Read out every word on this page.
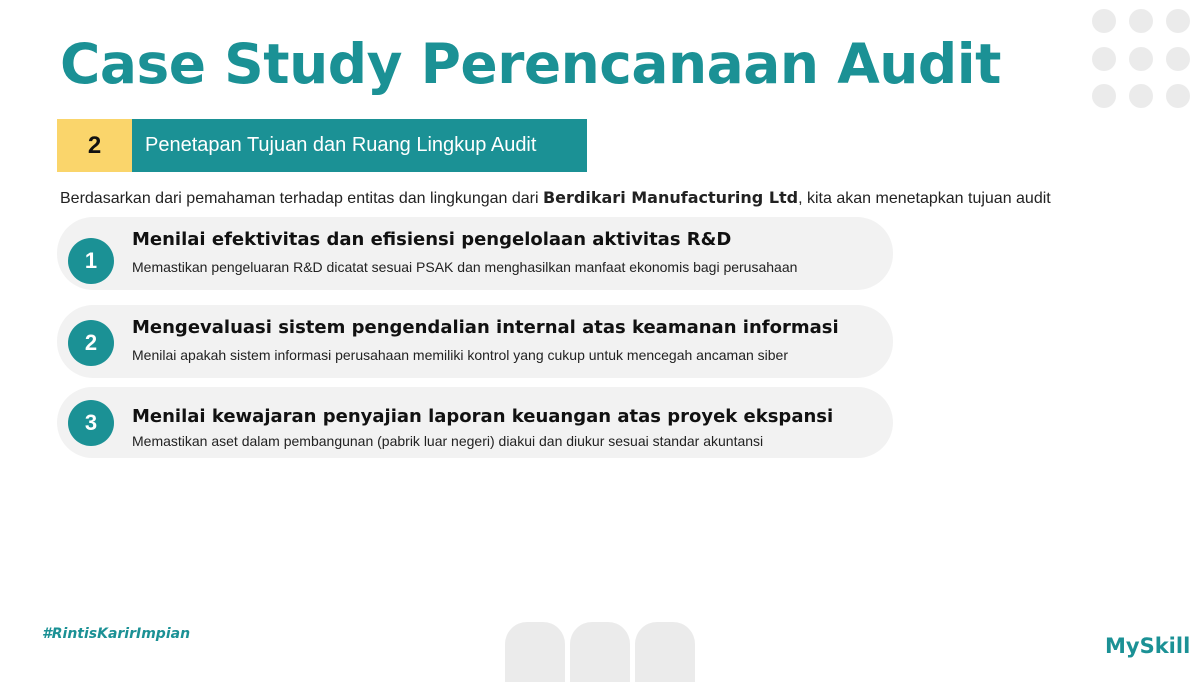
Case Study Perencanaan Audit
2	Penetapan Tujuan dan Ruang Lingkup Audit
Berdasarkan dari pemahaman terhadap entitas dan lingkungan dari Berdikari Manufacturing Ltd, kita akan menetapkan tujuan audit
1
Menilai efektivitas dan efisiensi pengelolaan aktivitas R&D
Memastikan pengeluaran R&D dicatat sesuai PSAK dan menghasilkan manfaat ekonomis bagi perusahaan
2
Mengevaluasi sistem pengendalian internal atas keamanan informasi
Menilai apakah sistem informasi perusahaan memiliki kontrol yang cukup untuk mencegah ancaman siber
3	Menilai kewajaran penyajian laporan keuangan atas proyek ekspansi
Memastikan aset dalam pembangunan (pabrik luar negeri) diakui dan diukur sesuai standar akuntansi
#RintisKarirImpian	MySkill
